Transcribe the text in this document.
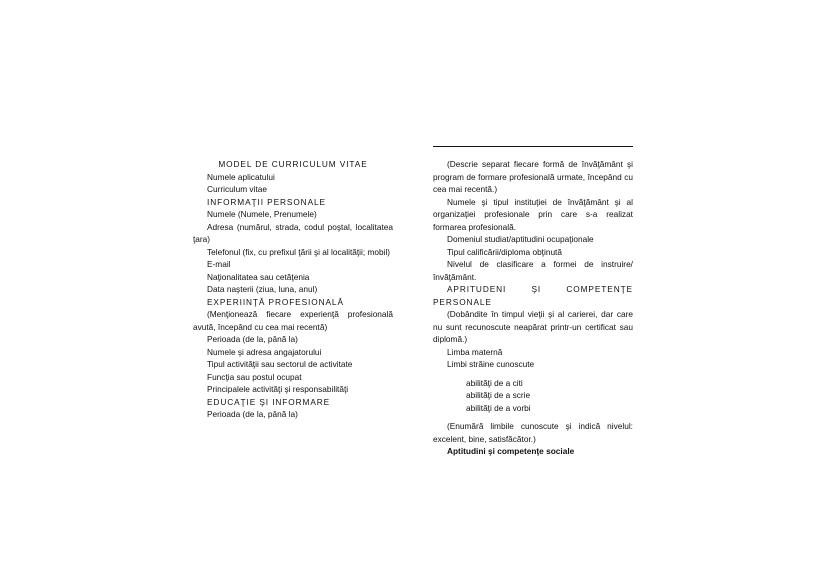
MODEL DE CURRICULUM VITAE
Numele aplicatului
Curriculum vitae
INFORMAŢII PERSONALE
Numele (Numele, Prenumele)
Adresa (numărul, strada, codul poştal, localitatea ţara)
Telefonul (fix, cu prefixul ţării şi al localităţii; mobil)
E-mail
Naţionalitatea sau cetăţenia
Data naşterii (ziua, luna, anul)
EXPERIINŢĂ PROFESIONALĂ
(Menţionează fiecare experienţă profesională avută, începând cu cea mai recentă)
Perioada (de la, până la)
Numele şi adresa angajatorului
Tipul activităţii sau sectorul de activitate
Funcţia sau postul ocupat
Principalele activităţi şi responsabilităţi
EDUCAŢIE ŞI INFORMARE
Perioada (de la, până la)
(Descrie separat fiecare formă de învăţământ şi program de formare profesională urmate, începând cu cea mai recentă.)
Numele şi tipul instituţiei de învăţământ şi al organizaţiei profesionale prin care s-a realizat formarea profesională.
Domeniul studiat/aptitudini ocupaţionale
Tipul calificării/diploma obţinută
Nivelul de clasificare a formei de instruire/învăţământ.
APRITUDENI ŞI COMPETENŢE PERSONALE
(Dobândite în timpul vieţii şi al carierei, dar care nu sunt recunoscute neapărat printr-un certificat sau diplomă.)
Limba maternă
Limbi străine cunoscute
abilităţi de a citi
abilităţi de a scrie
abilităţi de a vorbi
(Enumără limbile cunoscute şi indică nivelul: excelent, bine, satisfăcător.)
Aptitudini şi competenţe sociale
